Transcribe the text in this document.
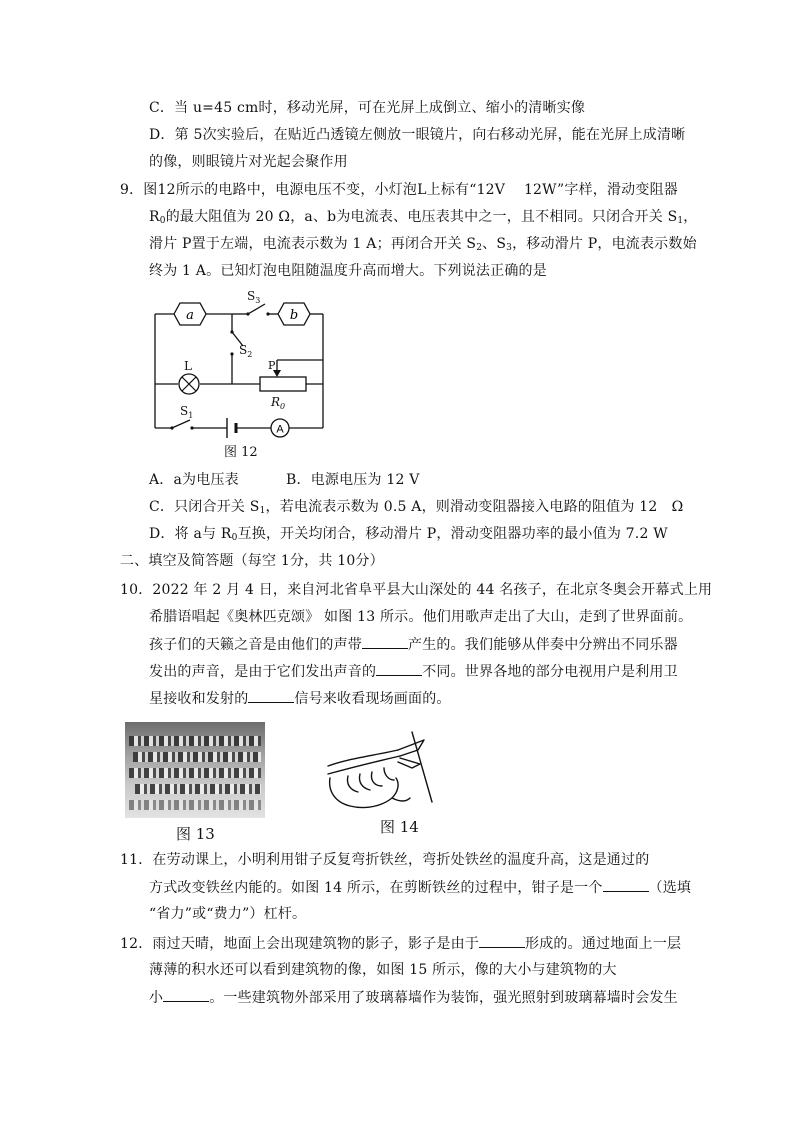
C．当 u=45 cm时，移动光屏，可在光屏上成倒立、缩小的清晰实像
D．第 5次实验后，在贴近凸透镜左侧放一眼镜片，向右移动光屏，能在光屏上成清晰
的像，则眼镜片对光起会聚作用
9．图12所示的电路中，电源电压不变，小灯泡L上标有“12V　 12W”字样，滑动变阻器
$R_0$的最大阻值为 20 Ω，a、b为电流表、电压表其中之一，且不相同。只闭合开关 $S_1$，
滑片 P置于左端，电流表示数为 1 A；再闭合开关 $S_2$、$S_3$，移动滑片 P，电流表示数始
终为 1 A。已知灯泡电阻随温度升高而增大。下列说法正确的是
a	b
A
$S_3$
$S_2$
L	P
$R_0$
$S_1$
图 12
A．a为电压表	B．电源电压为 12 V
C．只闭合开关 $S_1$，若电流表示数为 0.5 A，则滑动变阻器接入电路的阻值为 12　Ω
D．将 a与 $R_0$互换，开关均闭合，移动滑片 P，滑动变阻器功率的最小值为 7.2 W
二、填空及简答题（每空 1分，共 10分）
10．2022 年 2 月 4 日，来自河北省阜平县大山深处的 44 名孩子，在北京冬奥会开幕式上用
希腊语唱起《奥林匹克颂》 如图 13 所示。他们用歌声走出了大山，走到了世界面前。
孩子们的天籁之音是由他们的声带	产生的。我们能够从伴奏中分辨出不同乐器
发出的声音，是由于它们发出声音的	不同。世界各地的部分电视用户是利用卫
星接收和发射的	信号来收看现场画面的。
图 13	图 14
11．在劳动课上，小明利用钳子反复弯折铁丝，弯折处铁丝的温度升高，这是通过的
方式改变铁丝内能的。如图 14 所示，在剪断铁丝的过程中，钳子是一个	（选填
“省力”或“费力”）杠杆。
12．雨过天晴，地面上会出现建筑物的影子，影子是由于	形成的。通过地面上一层
薄薄的积水还可以看到建筑物的像，如图 15 所示，像的大小与建筑物的大
小	。一些建筑物外部采用了玻璃幕墙作为装饰，强光照射到玻璃幕墙时会发生
